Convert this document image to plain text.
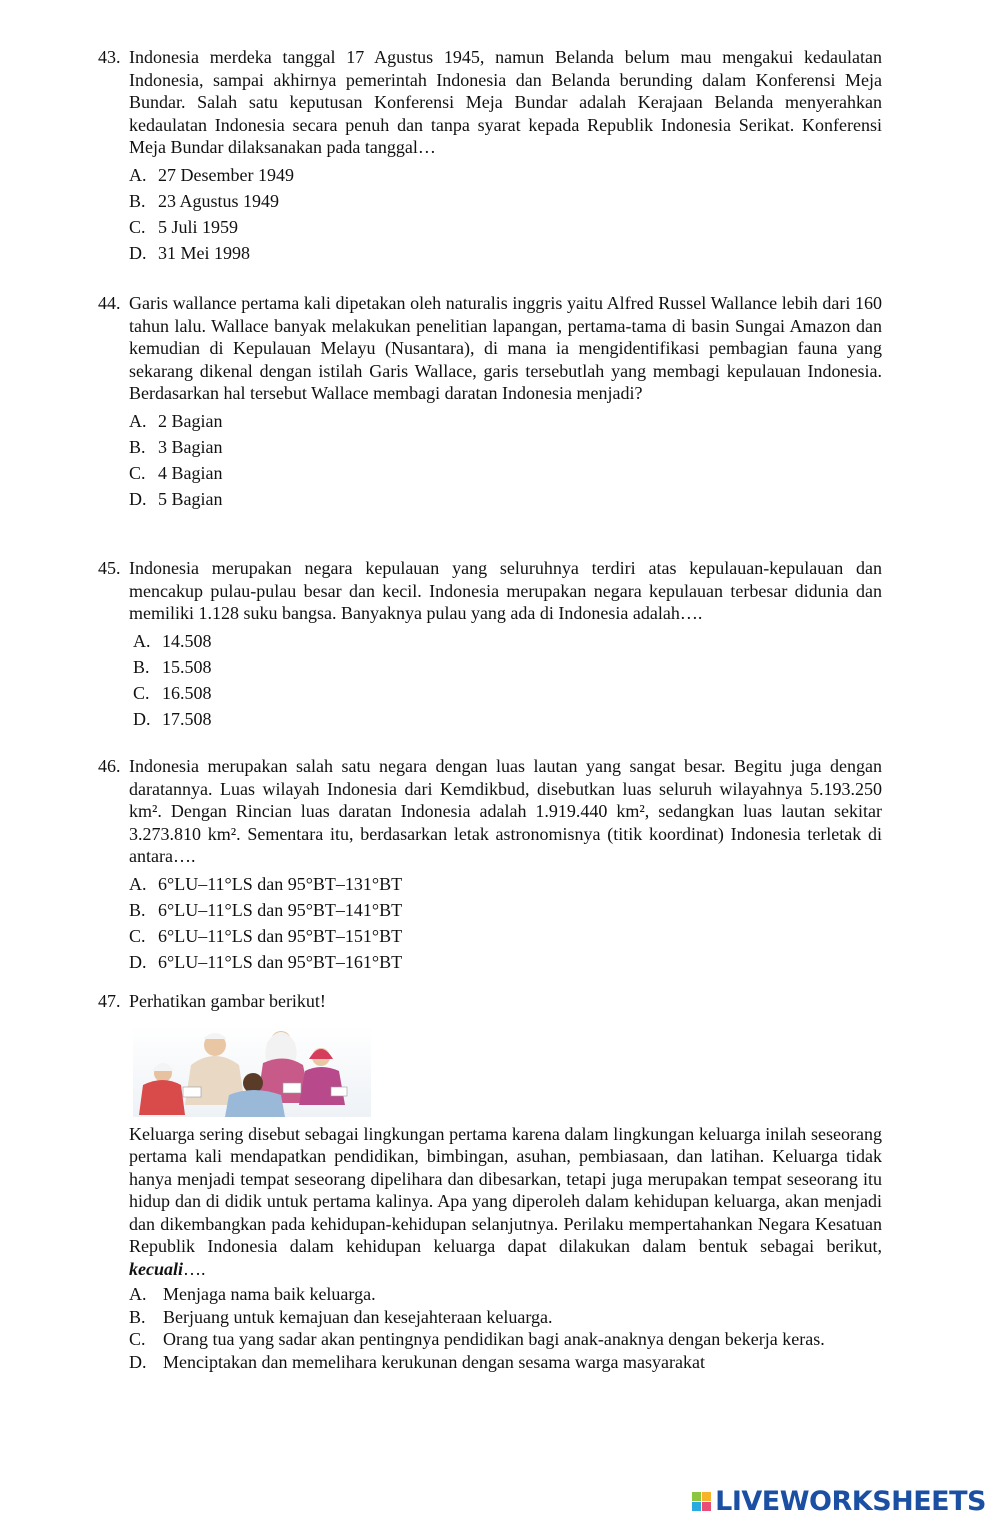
43. Indonesia merdeka tanggal 17 Agustus 1945, namun Belanda belum mau mengakui kedaulatan Indonesia, sampai akhirnya pemerintah Indonesia dan Belanda berunding dalam Konferensi Meja Bundar. Salah satu keputusan Konferensi Meja Bundar adalah Kerajaan Belanda menyerahkan kedaulatan Indonesia secara penuh dan tanpa syarat kepada Republik Indonesia Serikat. Konferensi Meja Bundar dilaksanakan pada tanggal…
A. 27 Desember 1949
B. 23 Agustus 1949
C. 5 Juli 1959
D. 31 Mei 1998
44. Garis wallance pertama kali dipetakan oleh naturalis inggris yaitu Alfred Russel Wallance lebih dari 160 tahun lalu. Wallace banyak melakukan penelitian lapangan, pertama-tama di basin Sungai Amazon dan kemudian di Kepulauan Melayu (Nusantara), di mana ia mengidentifikasi pembagian fauna yang sekarang dikenal dengan istilah Garis Wallace, garis tersebutlah yang membagi kepulauan Indonesia. Berdasarkan hal tersebut Wallace membagi daratan Indonesia menjadi?
A. 2 Bagian
B. 3 Bagian
C. 4 Bagian
D. 5 Bagian
45. Indonesia merupakan negara kepulauan yang seluruhnya terdiri atas kepulauan-kepulauan dan mencakup pulau-pulau besar dan kecil. Indonesia merupakan negara kepulauan terbesar didunia dan memiliki 1.128 suku bangsa. Banyaknya pulau yang ada di Indonesia adalah….
A. 14.508
B. 15.508
C. 16.508
D. 17.508
46. Indonesia merupakan salah satu negara dengan luas lautan yang sangat besar. Begitu juga dengan daratannya. Luas wilayah Indonesia dari Kemdikbud, disebutkan luas seluruh wilayahnya 5.193.250 km². Dengan Rincian luas daratan Indonesia adalah 1.919.440 km², sedangkan luas lautan sekitar 3.273.810 km². Sementara itu, berdasarkan letak astronomisnya (titik koordinat) Indonesia terletak di antara….
A. 6°LU–11°LS dan 95°BT–131°BT
B. 6°LU–11°LS dan 95°BT–141°BT
C. 6°LU–11°LS dan 95°BT–151°BT
D. 6°LU–11°LS dan 95°BT–161°BT
47. Perhatikan gambar berikut!
Keluarga sering disebut sebagai lingkungan pertama karena dalam lingkungan keluarga inilah seseorang pertama kali mendapatkan pendidikan, bimbingan, asuhan, pembiasaan, dan latihan. Keluarga tidak hanya menjadi tempat seseorang dipelihara dan dibesarkan, tetapi juga merupakan tempat seseorang itu hidup dan di didik untuk pertama kalinya. Apa yang diperoleh dalam kehidupan keluarga, akan menjadi dan dikembangkan pada kehidupan-kehidupan selanjutnya. Perilaku mempertahankan Negara Kesatuan Republik Indonesia dalam kehidupan keluarga dapat dilakukan dalam bentuk sebagai berikut, kecuali….
A. Menjaga nama baik keluarga.
B. Berjuang untuk kemajuan dan kesejahteraan keluarga.
C. Orang tua yang sadar akan pentingnya pendidikan bagi anak-anaknya dengan bekerja keras.
D. Menciptakan dan memelihara kerukunan dengan sesama warga masyarakat
LIVEWORKSHEETS
